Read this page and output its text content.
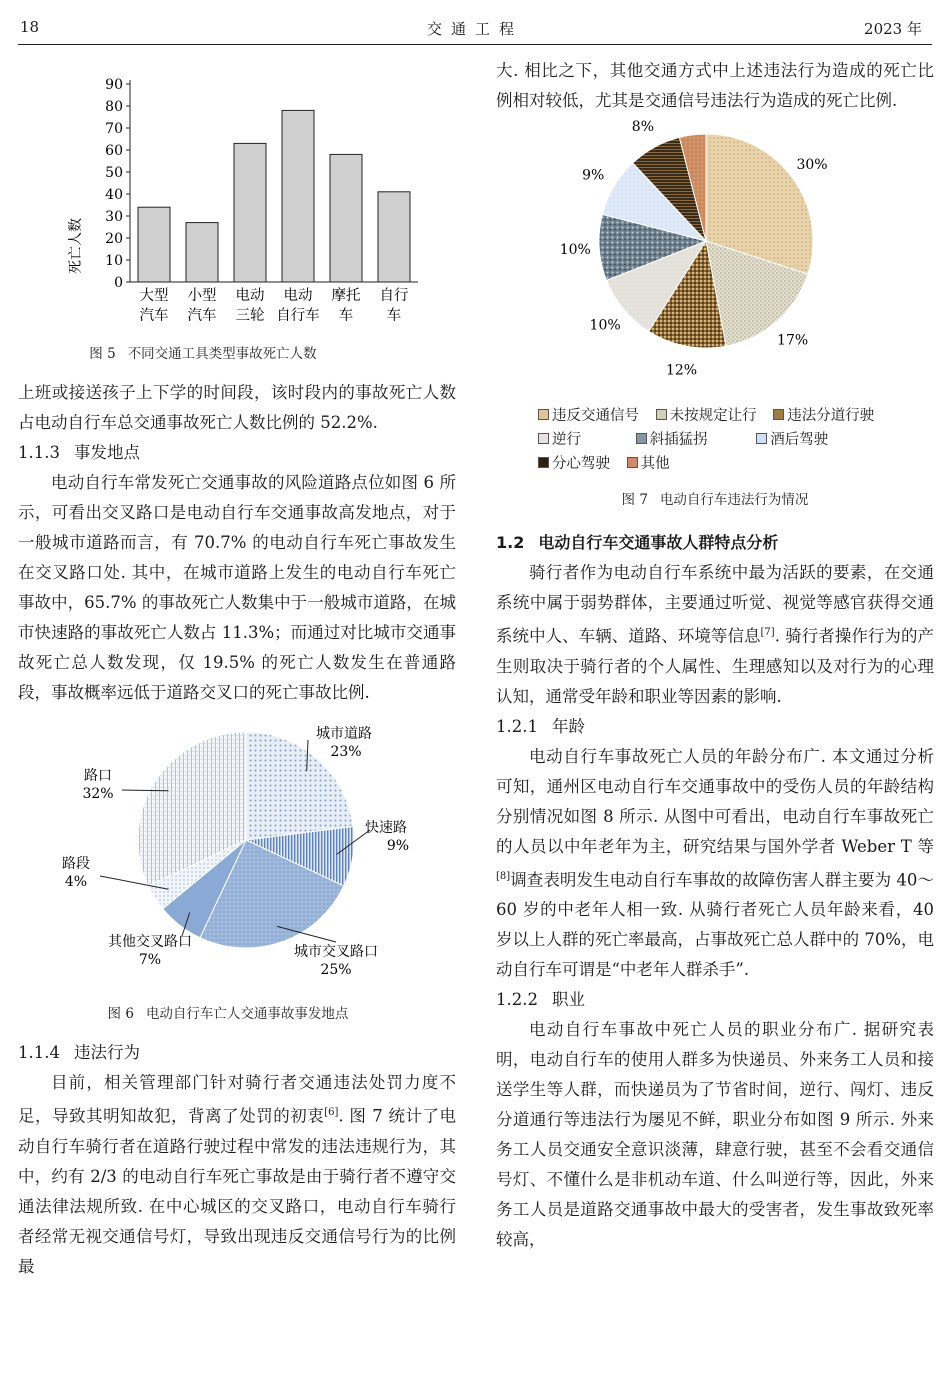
18	交通工程	2023 年
0
10
20
30
40
50
60
70
80
90
大型
汽车
小型
汽车
电动
三轮
电动
自行车
摩托
车
自行
车
死亡人数
图 5 不同交通工具类型事故死亡人数

上班或接送孩子上下学的时间段，该时段内的事故死亡人数占电动自行车总交通事故死亡人数比例的 52.2%.

1.1.3 事发地点

电动自行车常发死亡交通事故的风险道路点位如图 6 所示，可看出交叉路口是电动自行车交通事故高发地点，对于一般城市道路而言，有 70.7% 的电动自行车死亡事故发生在交叉路口处. 其中，在城市道路上发生的电动自行车死亡事故中，65.7% 的事故死亡人数集中于一般城市道路，在城市快速路的事故死亡人数占 11.3%；而通过对比城市交通事故死亡总人数发现，仅 19.5% 的死亡人数发生在普通路段，事故概率远低于道路交叉口的死亡事故比例.

城市道路
23%
快速路
9%
城市交叉路口
25%
其他交叉路口
7%
路段
4%
路口
32%
图 6 电动自行车亡人交通事故事发地点

1.1.4 违法行为

目前，相关管理部门针对骑行者交通违法处罚力度不足，导致其明知故犯，背离了处罚的初衷[6]. 图 7 统计了电动自行车骑行者在道路行驶过程中常发的违法违规行为，其中，约有 2/3 的电动自行车死亡事故是由于骑行者不遵守交通法律法规所致. 在中心城区的交叉路口，电动自行车骑行者经常无视交通信号灯，导致出现违反交通信号行为的比例最

大. 相比之下，其他交通方式中上述违法行为造成的死亡比例相对较低，尤其是交通信号违法行为造成的死亡比例.

30%
17%
12%
10%
10%
9%
8%
违反交通信号 未按规定让行 违法分道行驶
逆行	斜插猛拐	酒后驾驶
分心驾驶 其他
图 7 电动自行车违法行为情况

1.2 电动自行车交通事故人群特点分析

骑行者作为电动自行车系统中最为活跃的要素，在交通系统中属于弱势群体，主要通过听觉、视觉等感官获得交通系统中人、车辆、道路、环境等信息[7]. 骑行者操作行为的产生则取决于骑行者的个人属性、生理感知以及对行为的心理认知，通常受年龄和职业等因素的影响.

1.2.1 年龄

电动自行车事故死亡人员的年龄分布广. 本文通过分析可知，通州区电动自行车交通事故中的受伤人员的年龄结构分别情况如图 8 所示. 从图中可看出，电动自行车事故死亡的人员以中年老年为主，研究结果与国外学者 Weber T 等[8]调查表明发生电动自行车事故的故障伤害人群主要为 40～60 岁的中老年人相一致. 从骑行者死亡人员年龄来看，40 岁以上人群的死亡率最高，占事故死亡总人群中的 70%，电动自行车可谓是“中老年人群杀手”.

1.2.2 职业

电动自行车事故中死亡人员的职业分布广. 据研究表明，电动自行车的使用人群多为快递员、外来务工人员和接送学生等人群，而快递员为了节省时间，逆行、闯灯、违反分道通行等违法行为屡见不鲜，职业分布如图 9 所示. 外来务工人员交通安全意识淡薄，肆意行驶，甚至不会看交通信号灯、不懂什么是非机动车道、什么叫逆行等，因此，外来务工人员是道路交通事故中最大的受害者，发生事故致死率较高，
